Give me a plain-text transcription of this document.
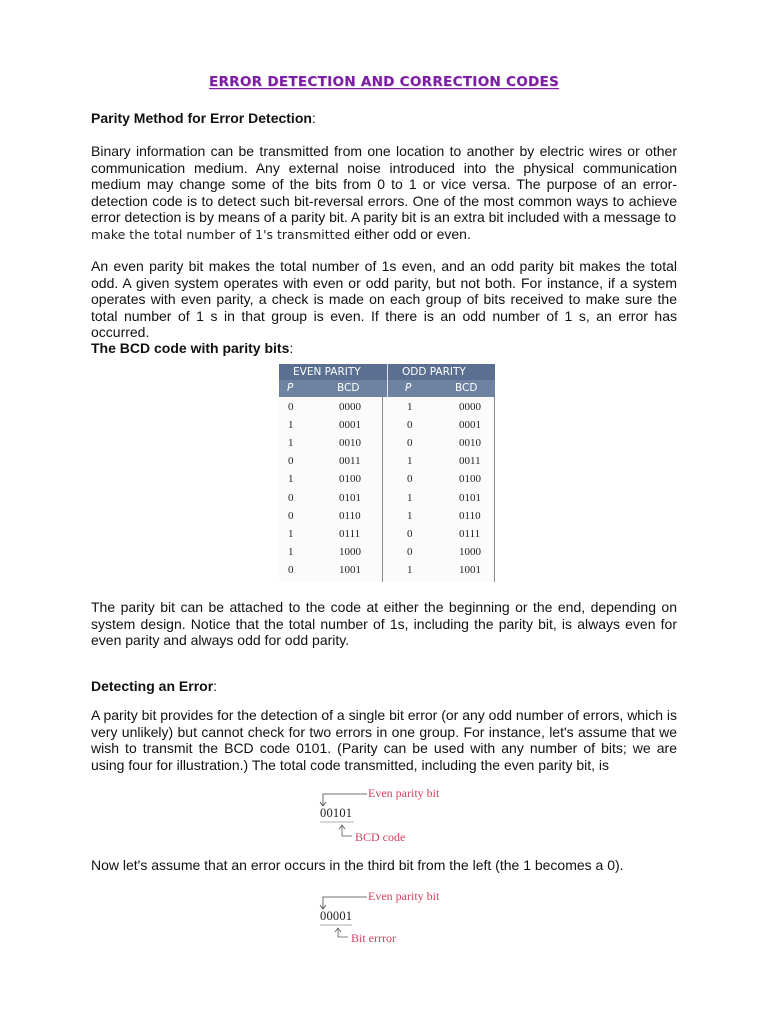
ERROR DETECTION AND CORRECTION CODES
Parity Method for Error Detection:

Binary information can be transmitted from one location to another by electric wires or other communication medium. Any external noise introduced into the physical communication medium may change some of the bits from 0 to 1 or vice versa. The purpose of an error-detection code is to detect such bit-reversal errors. One of the most common ways to achieve error detection is by means of a parity bit. A parity bit is an extra bit included with a message to
make the total number of 1's transmitted either odd or even.

An even parity bit makes the total number of 1s even, and an odd parity bit makes the total odd. A given system operates with even or odd parity, but not both. For instance, if a system operates with even parity, a check is made on each group of bits received to make sure the total number of 1 s in that group is even. If there is an odd number of 1 s, an error has occurred.

The BCD code with parity bits:
EVEN PARITY	ODD PARITY
P	BCD	P	BCD
0	0000	1	0000
1	0001	0	0001
1	0010	0	0010
0	0011	1	0011
1	0100	0	0100
0	0101	1	0101
0	0110	1	0110
1	0111	0	0111
1	1000	0	1000
0	1001	1	1001

The parity bit can be attached to the code at either the beginning or the end, depending on system design. Notice that the total number of 1s, including the parity bit, is always even for even parity and always odd for odd parity.

Detecting an Error:

A parity bit provides for the detection of a single bit error (or any odd number of errors, which is very unlikely) but cannot check for two errors in one group. For instance, let's assume that we wish to transmit the BCD code 0101. (Parity can be used with any number of bits; we are using four for illustration.) The total code transmitted, including the even parity bit, is

Even parity bit
00101
BCD code

Now let's assume that an error occurs in the third bit from the left (the 1 becomes a 0).

Even parity bit
00001
Bit errror
